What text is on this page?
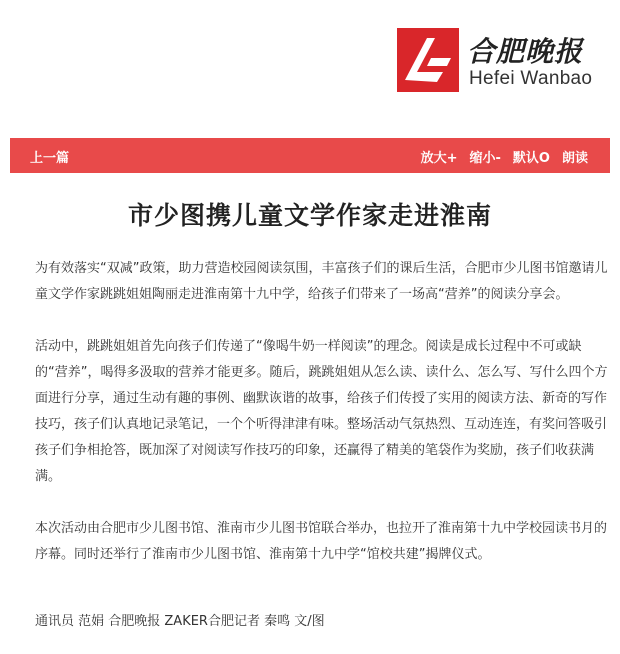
合肥晚报
Hefei Wanbao
上一篇	放大+ 缩小- 默认O 朗读
市少图携儿童文学作家走进淮南

为有效落实“双减”政策，助力营造校园阅读氛围，丰富孩子们的课后生活，合肥市少儿图书馆邀请儿童文学作家跳跳姐姐陶丽走进淮南第十九中学，给孩子们带来了一场高“营养”的阅读分享会。

活动中，跳跳姐姐首先向孩子们传递了“像喝牛奶一样阅读”的理念。阅读是成长过程中不可或缺的“营养”，喝得多汲取的营养才能更多。随后，跳跳姐姐从怎么读、读什么、怎么写、写什么四个方面进行分享，通过生动有趣的事例、幽默诙谐的故事，给孩子们传授了实用的阅读方法、新奇的写作技巧，孩子们认真地记录笔记，一个个听得津津有味。整场活动气氛热烈、互动连连，有奖问答吸引孩子们争相抢答，既加深了对阅读写作技巧的印象，还赢得了精美的笔袋作为奖励，孩子们收获满满。

本次活动由合肥市少儿图书馆、淮南市少儿图书馆联合举办，也拉开了淮南第十九中学校园读书月的序幕。同时还举行了淮南市少儿图书馆、淮南第十九中学“馆校共建”揭牌仪式。

通讯员 范娟 合肥晚报 ZAKER合肥记者 秦鸣 文/图
